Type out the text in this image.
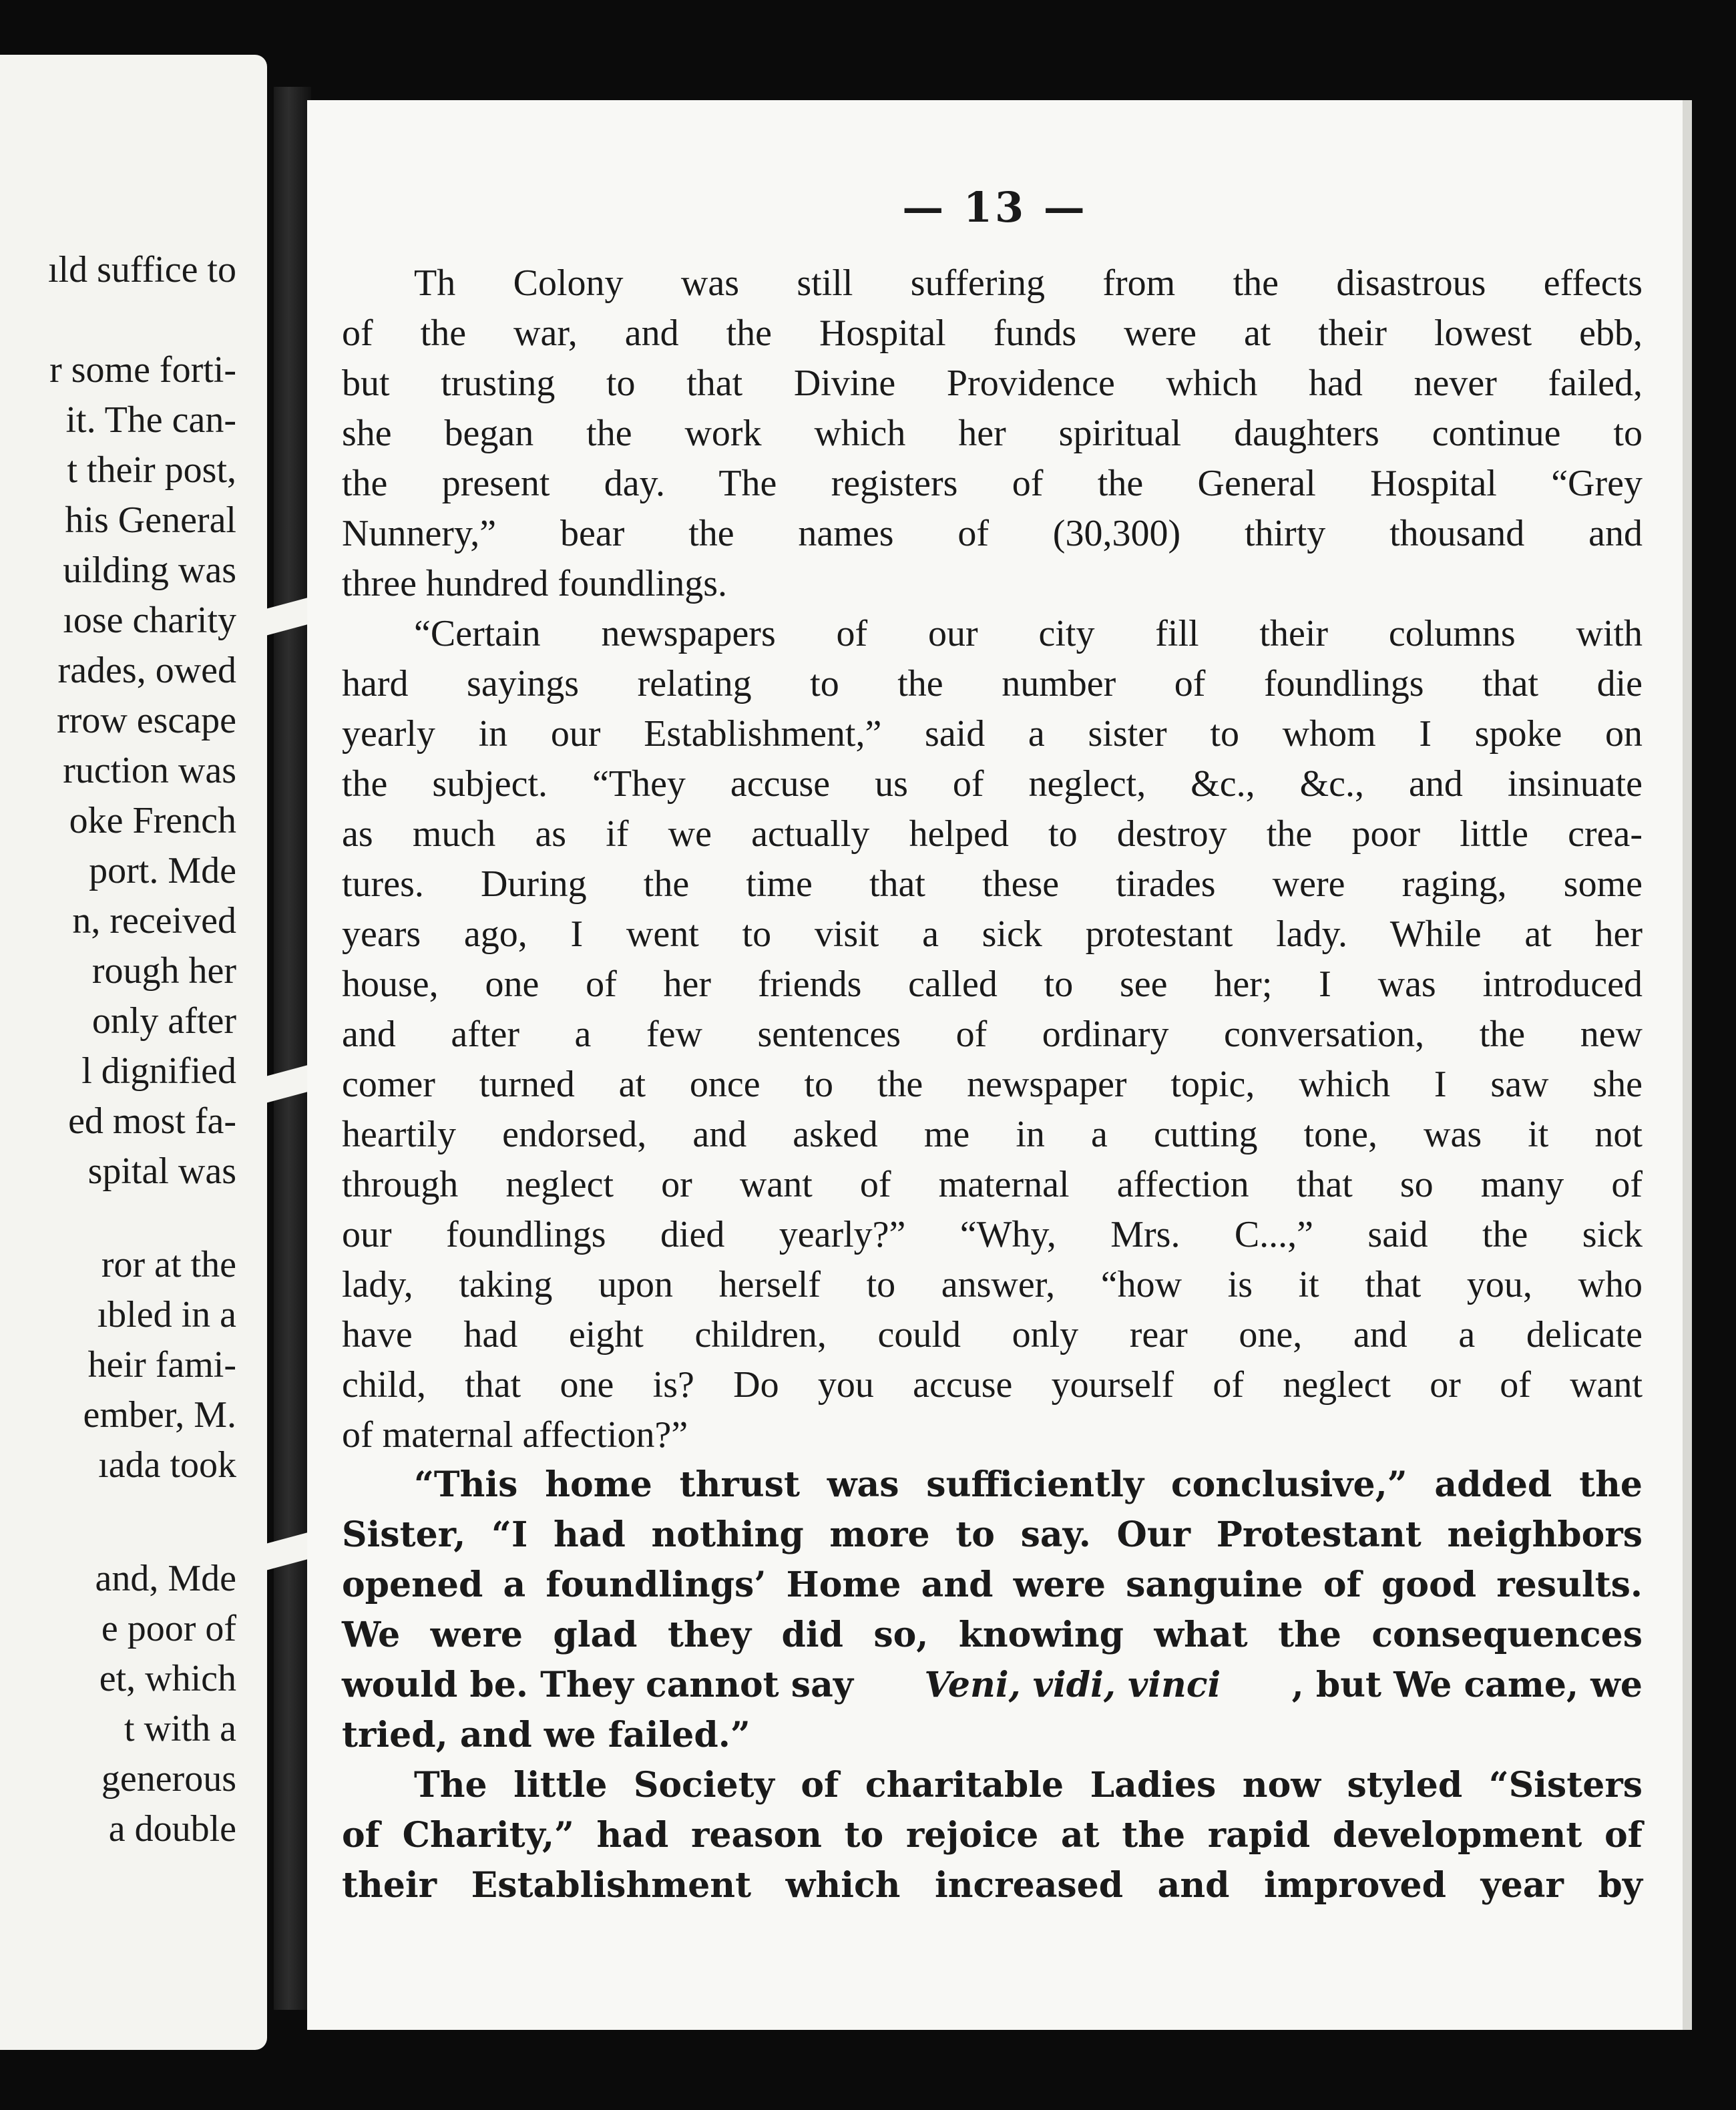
ıld suffice to
r some forti-
it. The can-
t their post,
his General
uilding was
ıose charity
rades, owed
rrow escape
ruction was
oke French
port. Mde
n, received
rough her
only after
l dignified
ed most fa-
spital was
ror at the
ıbled in a
heir fami-
ember, M.
ıada took
and, Mde
e poor of
et, which
t with a
generous
a double
— 13 —
Th Colony was still suffering from the disastrous effects
of the war, and the Hospital funds were at their lowest ebb,
but trusting to that Divine Providence which had never failed,
she began the work which her spiritual daughters continue to
the present day. The registers of the General Hospital “Grey
Nunnery,” bear the names of (30,300) thirty thousand and
three hundred foundlings.
“Certain newspapers of our city fill their columns with
hard sayings relating to the number of foundlings that die
yearly in our Establishment,” said a sister to whom I spoke on
the subject. “They accuse us of neglect, &c., &c., and insinuate
as much as if we actually helped to destroy the poor little crea-
tures. During the time that these tirades were raging, some
years ago, I went to visit a sick protestant lady. While at her
house, one of her friends called to see her; I was introduced
and after a few sentences of ordinary conversation, the new
comer turned at once to the newspaper topic, which I saw she
heartily endorsed, and asked me in a cutting tone, was it not
through neglect or want of maternal affection that so many of
our foundlings died yearly?” “Why, Mrs. C...,” said the sick
lady, taking upon herself to answer, “how is it that you, who
have had eight children, could only rear one, and a delicate
child, that one is? Do you accuse yourself of neglect or of want
of maternal affection?”
“This home thrust was sufficiently conclusive,” added the
Sister, “I had nothing more to say. Our Protestant neighbors
opened a foundlings’ Home and were sanguine of good results.
We were glad they did so, knowing what the consequences
would be. They cannot say Veni, vidi, vinci , but We came, we
tried, and we failed.”
The little Society of charitable Ladies now styled “Sisters
of Charity,” had reason to rejoice at the rapid development of
their Establishment which increased and improved year by
